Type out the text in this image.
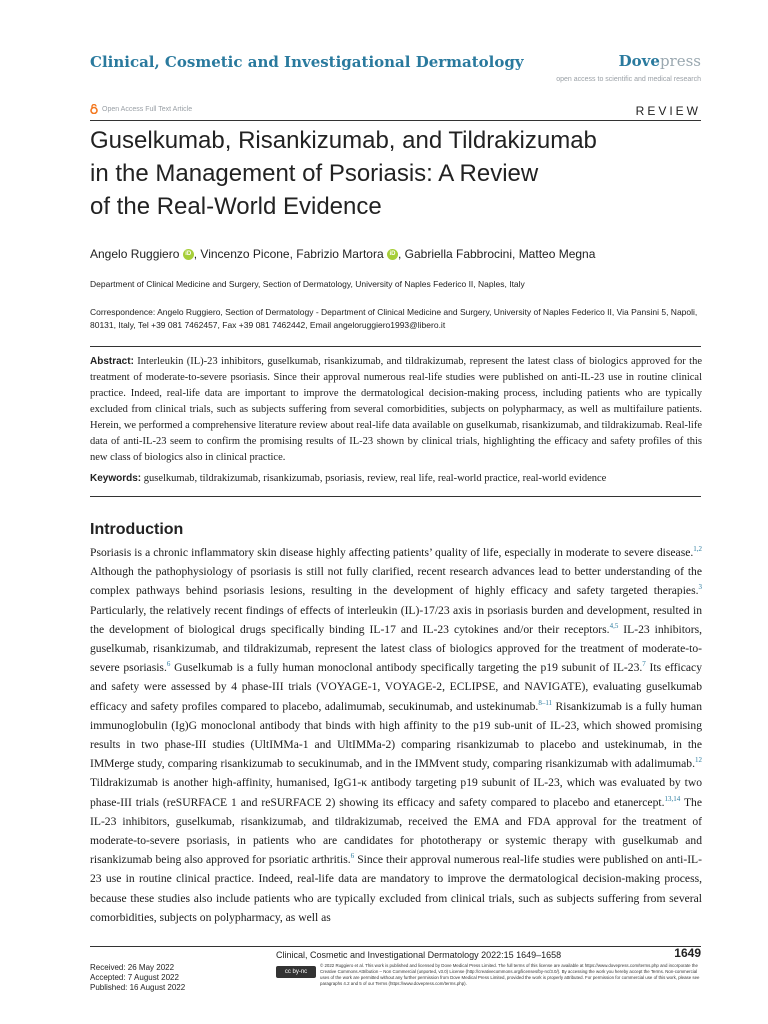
Clinical, Cosmetic and Investigational Dermatology	Dovepress
open access to scientific and medical research
Open Access Full Text Article	REVIEW
Guselkumab, Risankizumab, and Tildrakizumab
in the Management of Psoriasis: A Review
of the Real-World Evidence
Angelo Ruggiero iD , Vincenzo Picone, Fabrizio Martora iD , Gabriella Fabbrocini, Matteo Megna
Department of Clinical Medicine and Surgery, Section of Dermatology, University of Naples Federico II, Naples, Italy
Correspondence: Angelo Ruggiero, Section of Dermatology - Department of Clinical Medicine and Surgery, University of Naples Federico II, Via Pansini 5, Napoli, 80131, Italy, Tel +39 081 7462457, Fax +39 081 7462442, Email angeloruggiero1993@libero.it
Abstract: Interleukin (IL)-23 inhibitors, guselkumab, risankizumab, and tildrakizumab, represent the latest class of biologics approved for the treatment of moderate-to-severe psoriasis. Since their approval numerous real-life studies were published on anti-IL-23 use in routine clinical practice. Indeed, real-life data are important to improve the dermatological decision-making process, including patients who are typically excluded from clinical trials, such as subjects suffering from several comorbidities, subjects on polypharmacy, as well as multifailure patients. Herein, we performed a comprehensive literature review about real-life data available on guselkumab, risankizumab, and tildrakizumab. Real-life data of anti-IL-23 seem to confirm the promising results of IL-23 shown by clinical trials, highlighting the efficacy and safety profiles of this new class of biologics also in clinical practice.
Keywords: guselkumab, tildrakizumab, risankizumab, psoriasis, review, real life, real-world practice, real-world evidence
Introduction
Psoriasis is a chronic inflammatory skin disease highly affecting patients’ quality of life, especially in moderate to severe disease.$^{1,2}$ Although the pathophysiology of psoriasis is still not fully clarified, recent research advances lead to better understanding of the complex pathways behind psoriasis lesions, resulting in the development of highly efficacy and safety targeted therapies.$^3$ Particularly, the relatively recent findings of effects of interleukin (IL)-17/23 axis in psoriasis burden and development, resulted in the development of biological drugs specifically binding IL-17 and IL-23 cytokines and/or their receptors.$^{4,5}$ IL-23 inhibitors, guselkumab, risankizumab, and tildrakizumab, represent the latest class of biologics approved for the treatment of moderate-to-severe psoriasis.$^6$ Guselkumab is a fully human monoclonal antibody specifically targeting the p19 subunit of IL-23.$^7$ Its efficacy and safety were assessed by 4 phase-III trials (VOYAGE-1, VOYAGE-2, ECLIPSE, and NAVIGATE), evaluating guselkumab efficacy and safety profiles compared to placebo, adalimumab, secukinumab, and ustekinumab.$^{8-11}$ Risankizumab is a fully human immunoglobulin (Ig)G monoclonal antibody that binds with high affinity to the p19 sub-unit of IL-23, which showed promising results in two phase-III studies (UltIMMa-1 and UltIMMa-2) comparing risankizumab to placebo and ustekinumab, in the IMMerge study, comparing risankizumab to secukinumab, and in the IMMvent study, comparing risankizumab with adalimumab.$^{12}$ Tildrakizumab is another high-affinity, humanised, IgG1-κ antibody targeting p19 subunit of IL-23, which was evaluated by two phase-III trials (reSURFACE 1 and reSURFACE 2) showing its efficacy and safety compared to placebo and etanercept.$^{13,14}$ The IL-23 inhibitors, guselkumab, risankizumab, and tildrakizumab, received the EMA and FDA approval for the treatment of moderate-to-severe psoriasis, in patients who are candidates for phototherapy or systemic therapy with guselkumab and risankizumab being also approved for psoriatic arthritis.$^6$ Since their approval numerous real-life studies were published on anti-IL-23 use in routine clinical practice. Indeed, real-life data are mandatory to improve the dermatological decision-making process, because these studies also include patients who are typically excluded from clinical trials, such as subjects suffering from several comorbidities, subjects on polypharmacy, as well as
Received: 26 May 2022
Accepted: 7 August 2022
Published: 16 August 2022
Clinical, Cosmetic and Investigational Dermatology 2022:15 1649–1658	1649
cc by-nc
© 2022 Ruggiero et al. This work is published and licensed by Dove Medical Press Limited. The full terms of this license are available at https://www.dovepress.com/terms.php and incorporate the Creative Commons Attribution – Non Commercial (unported, v3.0) License (http://creativecommons.org/licenses/by-nc/3.0/). By accessing the work you hereby accept the Terms. Non-commercial uses of the work are permitted without any further permission from Dove Medical Press Limited, provided the work is properly attributed. For permission for commercial use of this work, please see paragraphs 4.2 and 5 of our Terms (https://www.dovepress.com/terms.php).
